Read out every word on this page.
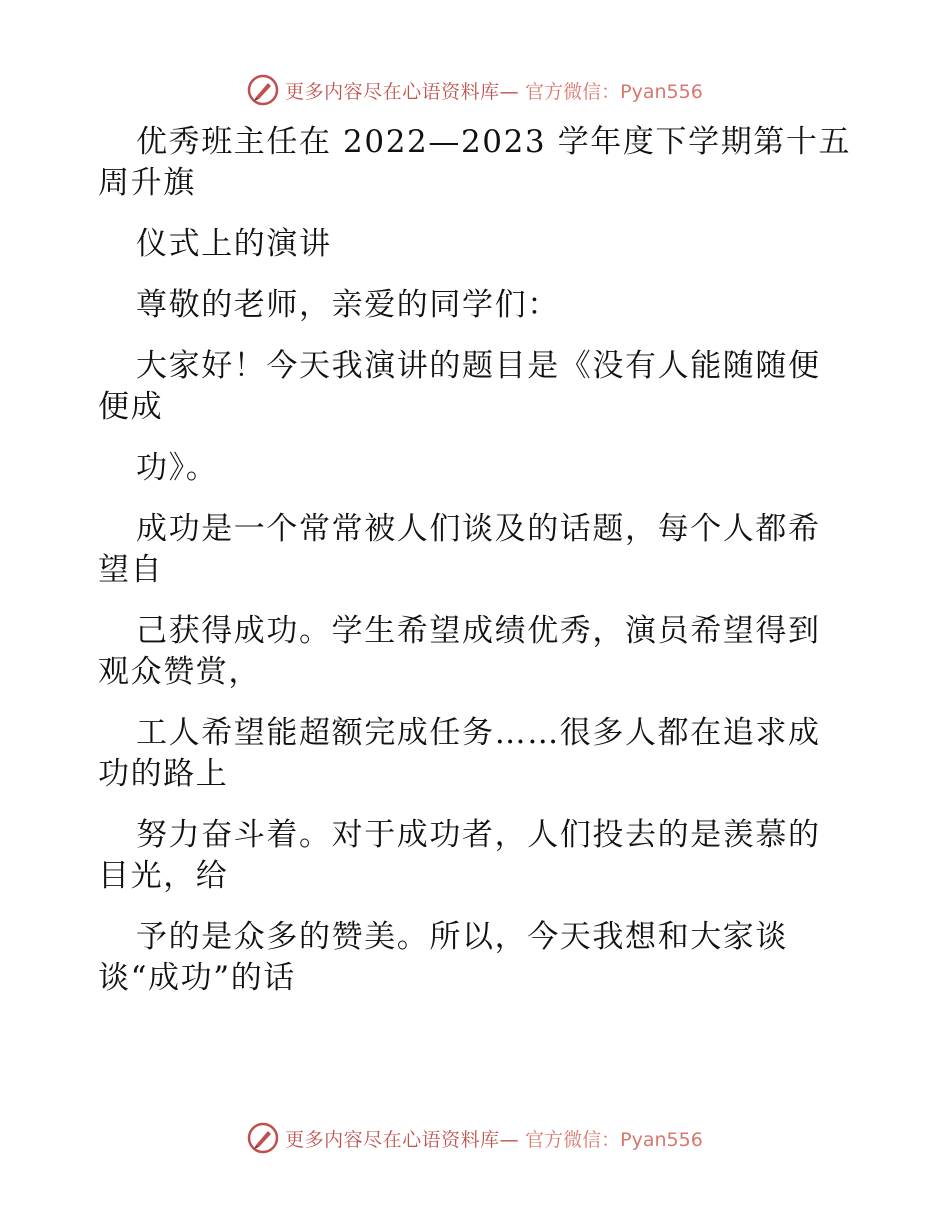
更多内容尽在心语资料库— 官方微信：Pyan556
优秀班主任在 2022—2023 学年度下学期第十五
周升旗
仪式上的演讲
尊敬的老师，亲爱的同学们：
大家好！今天我演讲的题目是《没有人能随随便
便成
功》。
成功是一个常常被人们谈及的话题，每个人都希
望自
己获得成功。学生希望成绩优秀，演员希望得到
观众赞赏，
工人希望能超额完成任务……很多人都在追求成
功的路上
努力奋斗着。对于成功者，人们投去的是羡慕的
目光，给
予的是众多的赞美。所以，今天我想和大家谈
谈“成功”的话
更多内容尽在心语资料库— 官方微信：Pyan556
